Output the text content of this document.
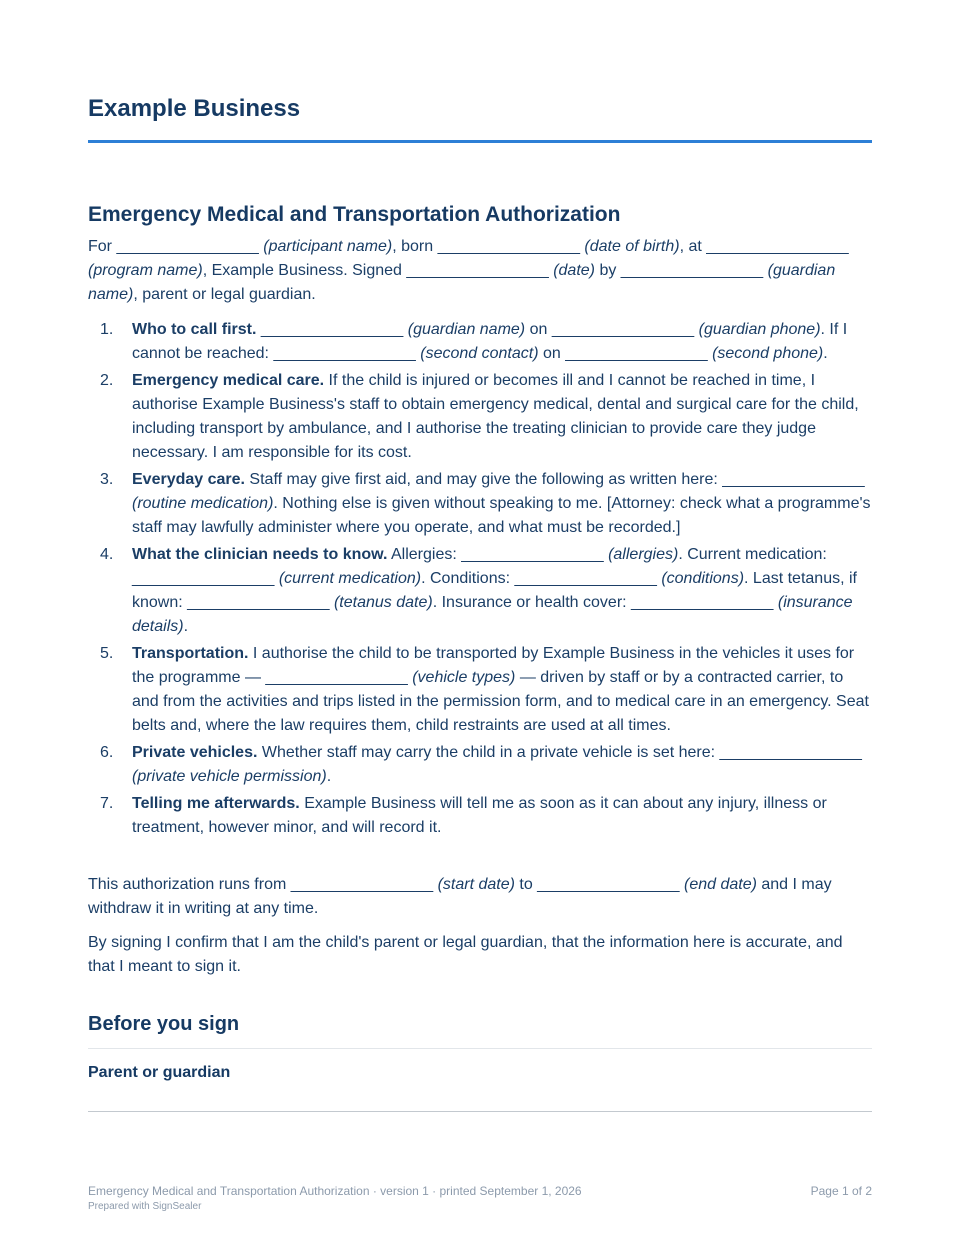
Example Business
Emergency Medical and Transportation Authorization

For ________________ (participant name), born ________________ (date of birth), at ________________ (program name), Example Business. Signed ________________ (date) by ________________ (guardian name), parent or legal guardian.

1. Who to call first. ________________ (guardian name) on ________________ (guardian phone). If I cannot be reached: ________________ (second contact) on ________________ (second phone).
2. Emergency medical care. If the child is injured or becomes ill and I cannot be reached in time, I authorise Example Business's staff to obtain emergency medical, dental and surgical care for the child, including transport by ambulance, and I authorise the treating clinician to provide care they judge necessary. I am responsible for its cost.
3. Everyday care. Staff may give first aid, and may give the following as written here: ________________ (routine medication). Nothing else is given without speaking to me. [Attorney: check what a programme's staff may lawfully administer where you operate, and what must be recorded.]
4. What the clinician needs to know. Allergies: ________________ (allergies). Current medication: ________________ (current medication). Conditions: ________________ (conditions). Last tetanus, if known: ________________ (tetanus date). Insurance or health cover: ________________ (insurance details).
5. Transportation. I authorise the child to be transported by Example Business in the vehicles it uses for the programme — ________________ (vehicle types) — driven by staff or by a contracted carrier, to and from the activities and trips listed in the permission form, and to medical care in an emergency. Seat belts and, where the law requires them, child restraints are used at all times.
6. Private vehicles. Whether staff may carry the child in a private vehicle is set here: ________________ (private vehicle permission).
7. Telling me afterwards. Example Business will tell me as soon as it can about any injury, illness or treatment, however minor, and will record it.

This authorization runs from ________________ (start date) to ________________ (end date) and I may withdraw it in writing at any time.

By signing I confirm that I am the child's parent or legal guardian, that the information here is accurate, and that I meant to sign it.

Before you sign
Parent or guardian
Emergency Medical and Transportation Authorization · version 1 · printed September 1, 2026	Page 1 of 2
Prepared with SignSealer
